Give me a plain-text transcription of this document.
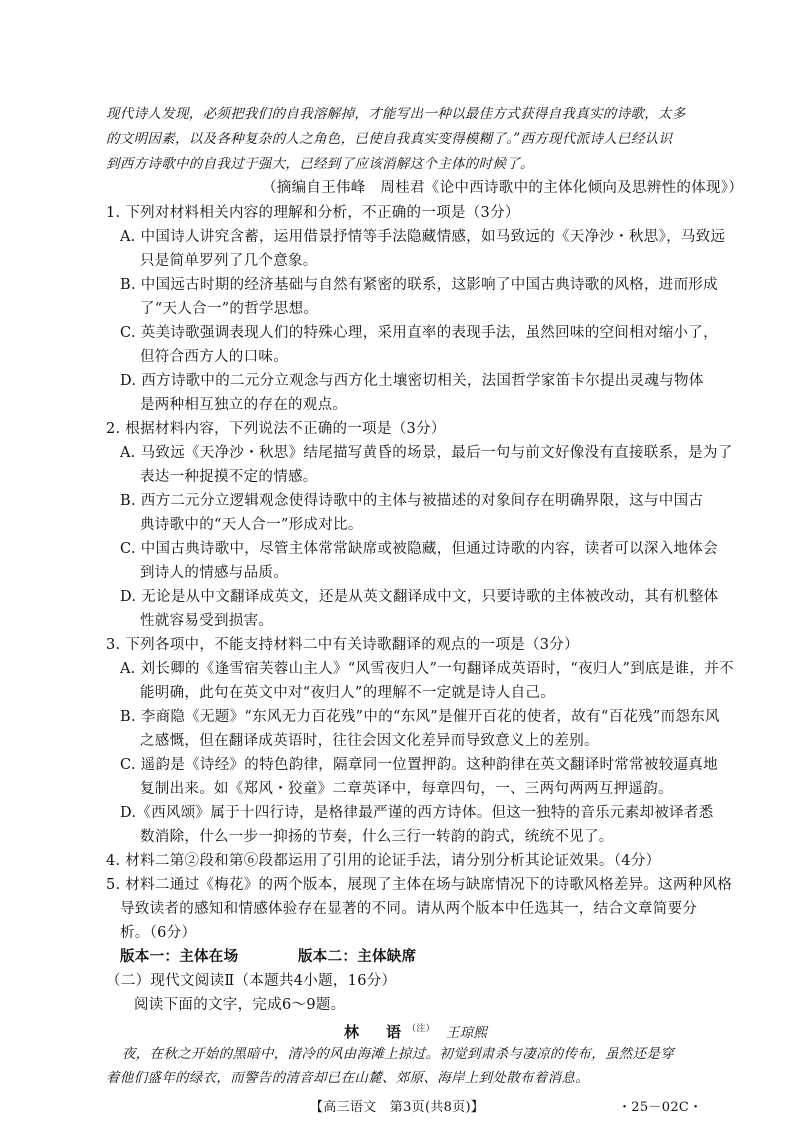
现代诗人发现，必须把我们的自我溶解掉，才能写出一种以最佳方式获得自我真实的诗歌，太多
的文明因素，以及各种复杂的人之角色，已使自我真实变得模糊了。”西方现代派诗人已经认识
到西方诗歌中的自我过于强大，已经到了应该消解这个主体的时候了。
（摘编自王伟峰　周桂君《论中西诗歌中的主体化倾向及思辨性的体现》）
1. 下列对材料相关内容的理解和分析，不正确的一项是（3分）
A. 中国诗人讲究含蓄，运用借景抒情等手法隐藏情感，如马致远的《天净沙・秋思》，马致远
只是简单罗列了几个意象。
B. 中国远古时期的经济基础与自然有紧密的联系，这影响了中国古典诗歌的风格，进而形成
了“天人合一”的哲学思想。
C. 英美诗歌强调表现人们的特殊心理，采用直率的表现手法，虽然回味的空间相对缩小了，
但符合西方人的口味。
D. 西方诗歌中的二元分立观念与西方化土壤密切相关，法国哲学家笛卡尔提出灵魂与物体
是两种相互独立的存在的观点。
2. 根据材料内容，下列说法不正确的一项是（3分）
A. 马致远《天净沙・秋思》结尾描写黄昏的场景，最后一句与前文好像没有直接联系，是为了
表达一种捉摸不定的情感。
B. 西方二元分立逻辑观念使得诗歌中的主体与被描述的对象间存在明确界限，这与中国古
典诗歌中的“天人合一”形成对比。
C. 中国古典诗歌中，尽管主体常常缺席或被隐藏，但通过诗歌的内容，读者可以深入地体会
到诗人的情感与品质。
D. 无论是从中文翻译成英文，还是从英文翻译成中文，只要诗歌的主体被改动，其有机整体
性就容易受到损害。
3. 下列各项中，不能支持材料二中有关诗歌翻译的观点的一项是（3分）
A. 刘长卿的《逢雪宿芙蓉山主人》“风雪夜归人”一句翻译成英语时，“夜归人”到底是谁，并不
能明确，此句在英文中对“夜归人”的理解不一定就是诗人自己。
B. 李商隐《无题》“东风无力百花残”中的“东风”是催开百花的使者，故有“百花残”而怨东风
之感慨，但在翻译成英语时，往往会因文化差异而导致意义上的差别。
C. 遥韵是《诗经》的特色韵律，隔章同一位置押韵。这种韵律在英文翻译时常常被较逼真地
复制出来。如《郑风・狡童》二章英译中，每章四句，一、三两句两两互押遥韵。
D.《西风颂》属于十四行诗，是格律最严谨的西方诗体。但这一独特的音乐元素却被译者悉
数消除，什么一步一抑扬的节奏，什么三行一转韵的韵式，统统不见了。
4. 材料二第②段和第⑥段都运用了引用的论证手法，请分别分析其论证效果。（4分）
5. 材料二通过《梅花》的两个版本，展现了主体在场与缺席情况下的诗歌风格差异。这两种风格
导致读者的感知和情感体验存在显著的不同。请从两个版本中任选其一，结合文章简要分
析。（6分）
版本一：主体在场	版本二：主体缺席
（二）现代文阅读Ⅱ（本题共4小题，16分）
阅读下面的文字，完成6～9题。
林　语$^{(注)}$ 王琼熙
夜，在秋之开始的黑暗中，清冷的风由海滩上掠过。初觉到肃杀与凄凉的传布，虽然还是穿
着他们盛年的绿衣，而警告的清音却已在山麓、郊原、海岸上到处散布着消息。
【高三语文　第3页(共8页)】	・25－02C・
